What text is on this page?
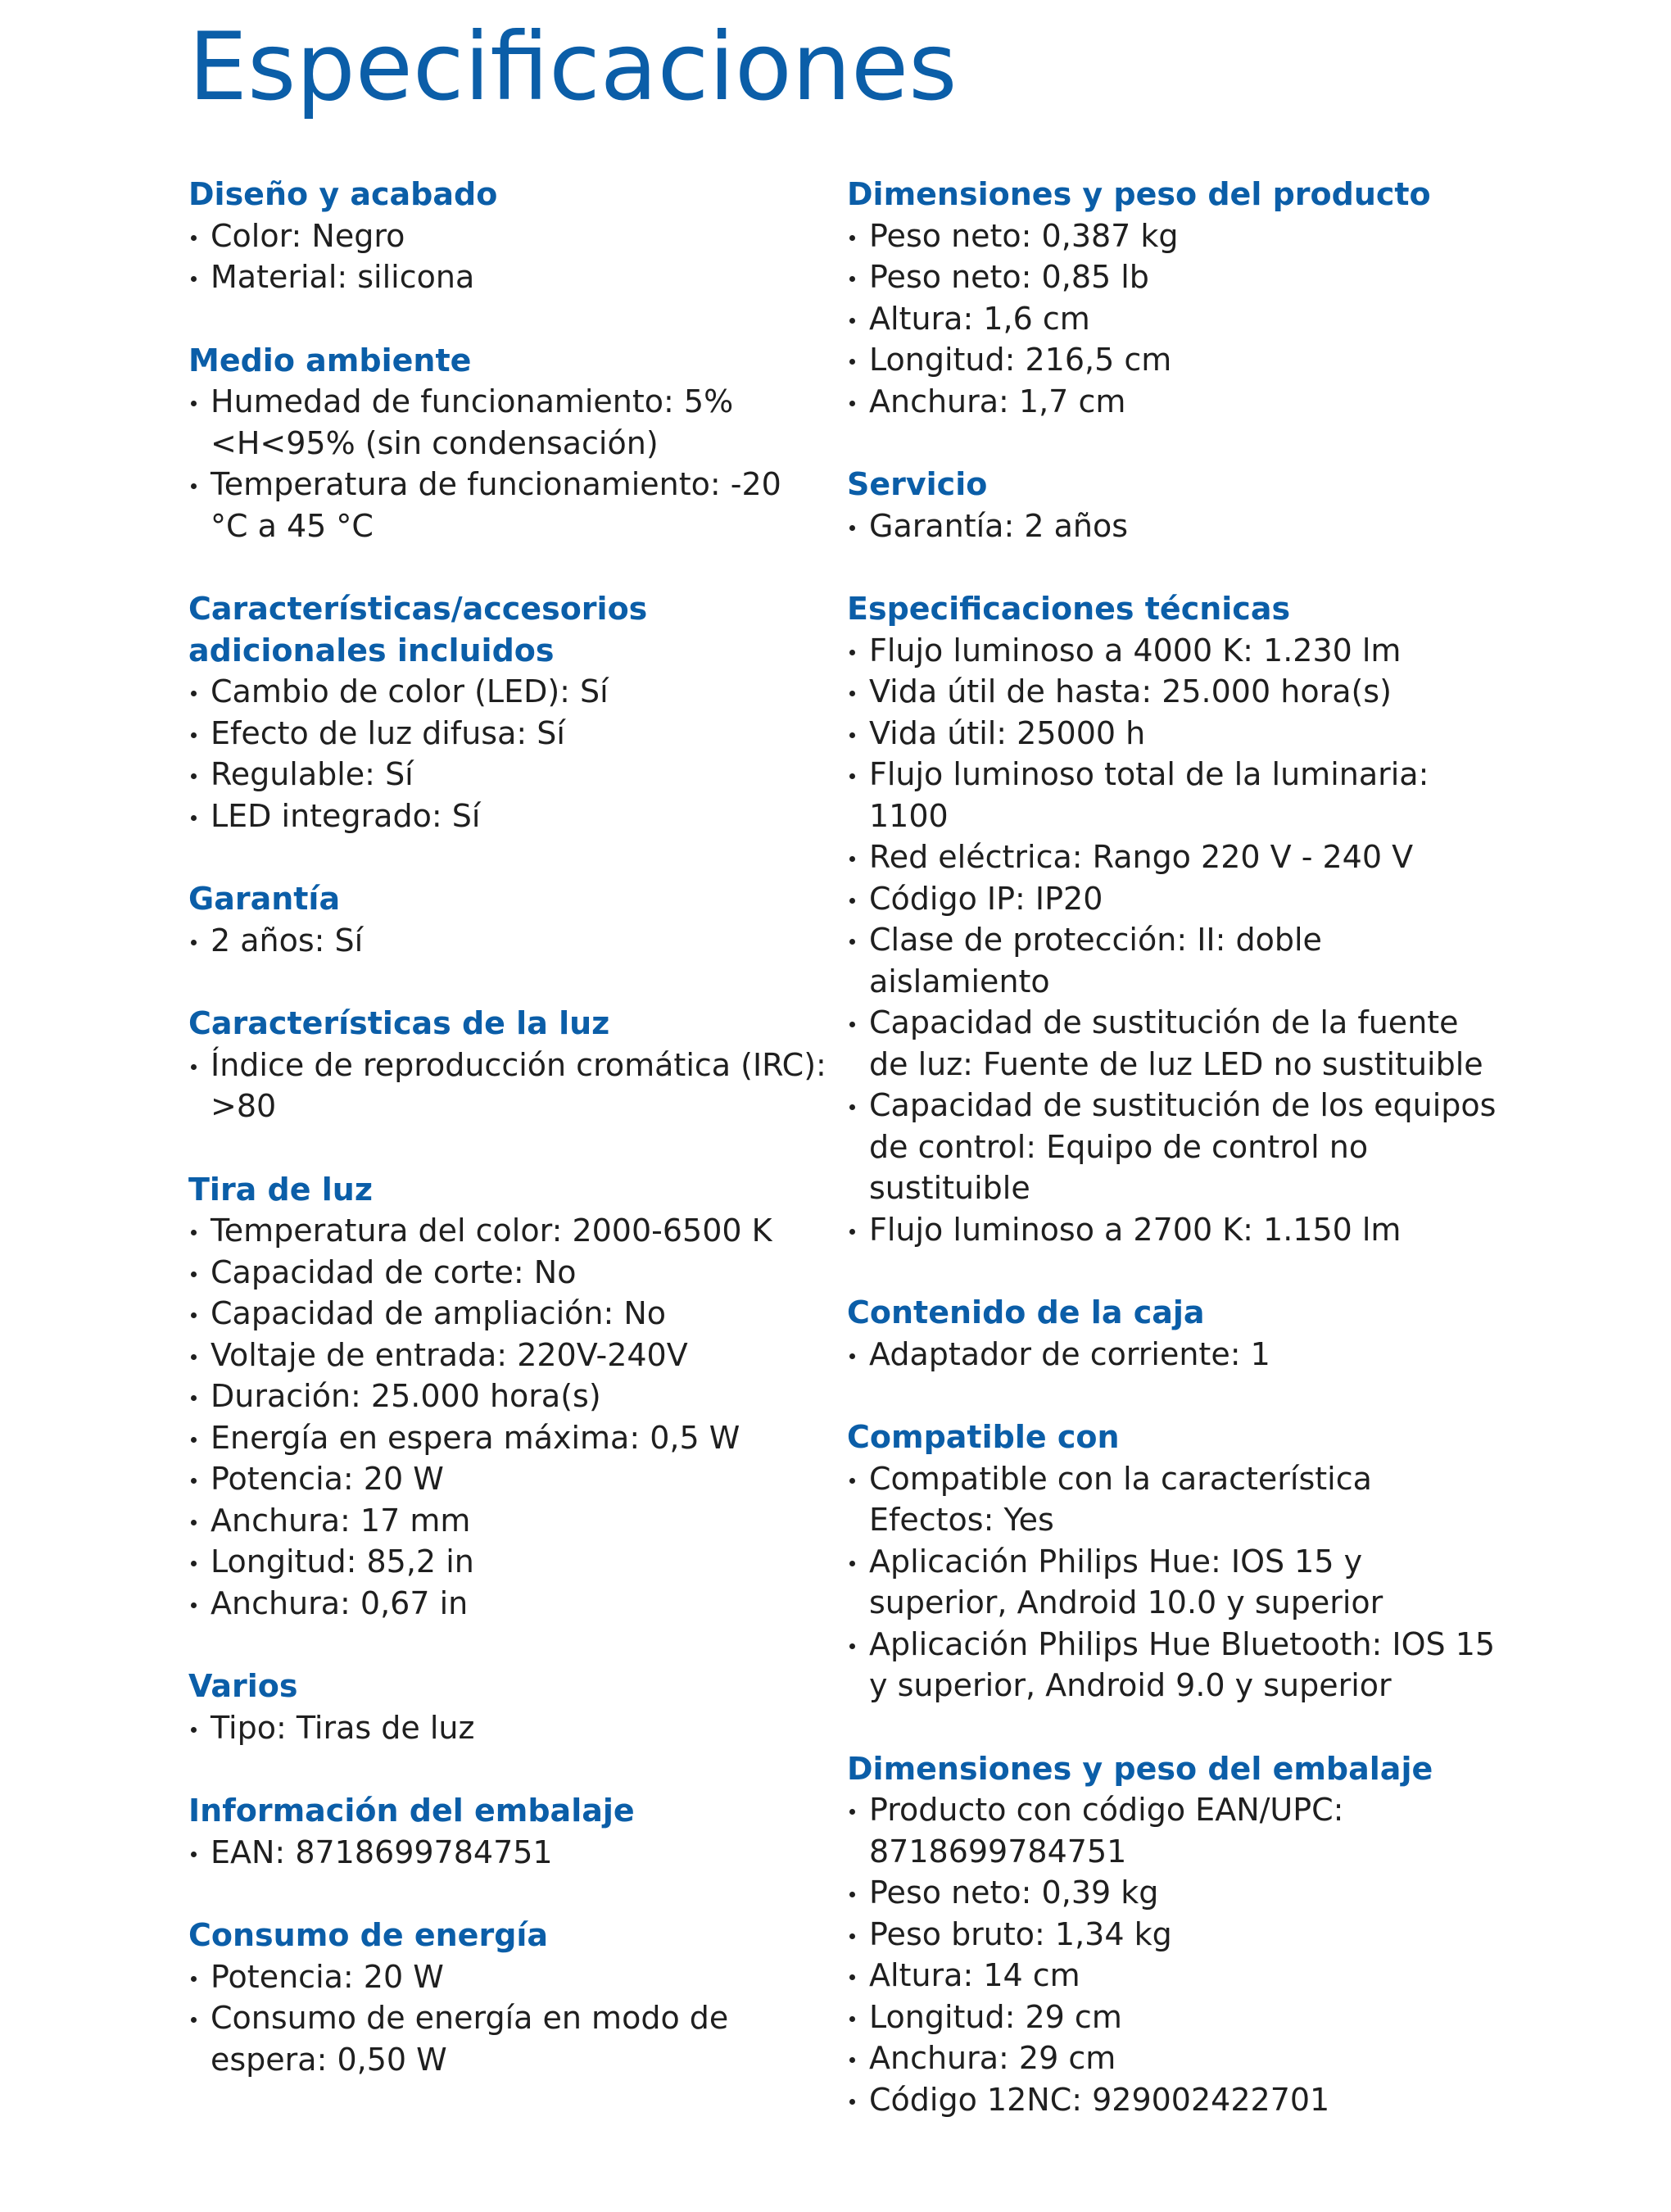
Especificaciones
Diseño y acabado
Color: Negro
Material: silicona
Medio ambiente
Humedad de funcionamiento: 5% <H<95% (sin condensación)
Temperatura de funcionamiento: -20 °C a 45 °C
Características/accesorios adicionales incluidos
Cambio de color (LED): Sí
Efecto de luz difusa: Sí
Regulable: Sí
LED integrado: Sí
Garantía
2 años: Sí
Características de la luz
Índice de reproducción cromática (IRC): >80
Tira de luz
Temperatura del color: 2000-6500 K
Capacidad de corte: No
Capacidad de ampliación: No
Voltaje de entrada: 220V-240V
Duración: 25.000 hora(s)
Energía en espera máxima: 0,5 W
Potencia: 20 W
Anchura: 17 mm
Longitud: 85,2 in
Anchura: 0,67 in
Varios
Tipo: Tiras de luz
Información del embalaje
EAN: 8718699784751
Consumo de energía
Potencia: 20 W
Consumo de energía en modo de espera: 0,50 W
Dimensiones y peso del producto
Peso neto: 0,387 kg
Peso neto: 0,85 lb
Altura: 1,6 cm
Longitud: 216,5 cm
Anchura: 1,7 cm
Servicio
Garantía: 2 años
Especificaciones técnicas
Flujo luminoso a 4000 K: 1.230 lm
Vida útil de hasta: 25.000 hora(s)
Vida útil: 25000 h
Flujo luminoso total de la luminaria: 1100
Red eléctrica: Rango 220 V - 240 V
Código IP: IP20
Clase de protección: II: doble aislamiento
Capacidad de sustitución de la fuente de luz: Fuente de luz LED no sustituible
Capacidad de sustitución de los equipos de control: Equipo de control no sustituible
Flujo luminoso a 2700 K: 1.150 lm
Contenido de la caja
Adaptador de corriente: 1
Compatible con
Compatible con la característica Efectos: Yes
Aplicación Philips Hue: IOS 15 y superior, Android 10.0 y superior
Aplicación Philips Hue Bluetooth: IOS 15 y superior, Android 9.0 y superior
Dimensiones y peso del embalaje
Producto con código EAN/UPC: 8718699784751
Peso neto: 0,39 kg
Peso bruto: 1,34 kg
Altura: 14 cm
Longitud: 29 cm
Anchura: 29 cm
Código 12NC: 929002422701
